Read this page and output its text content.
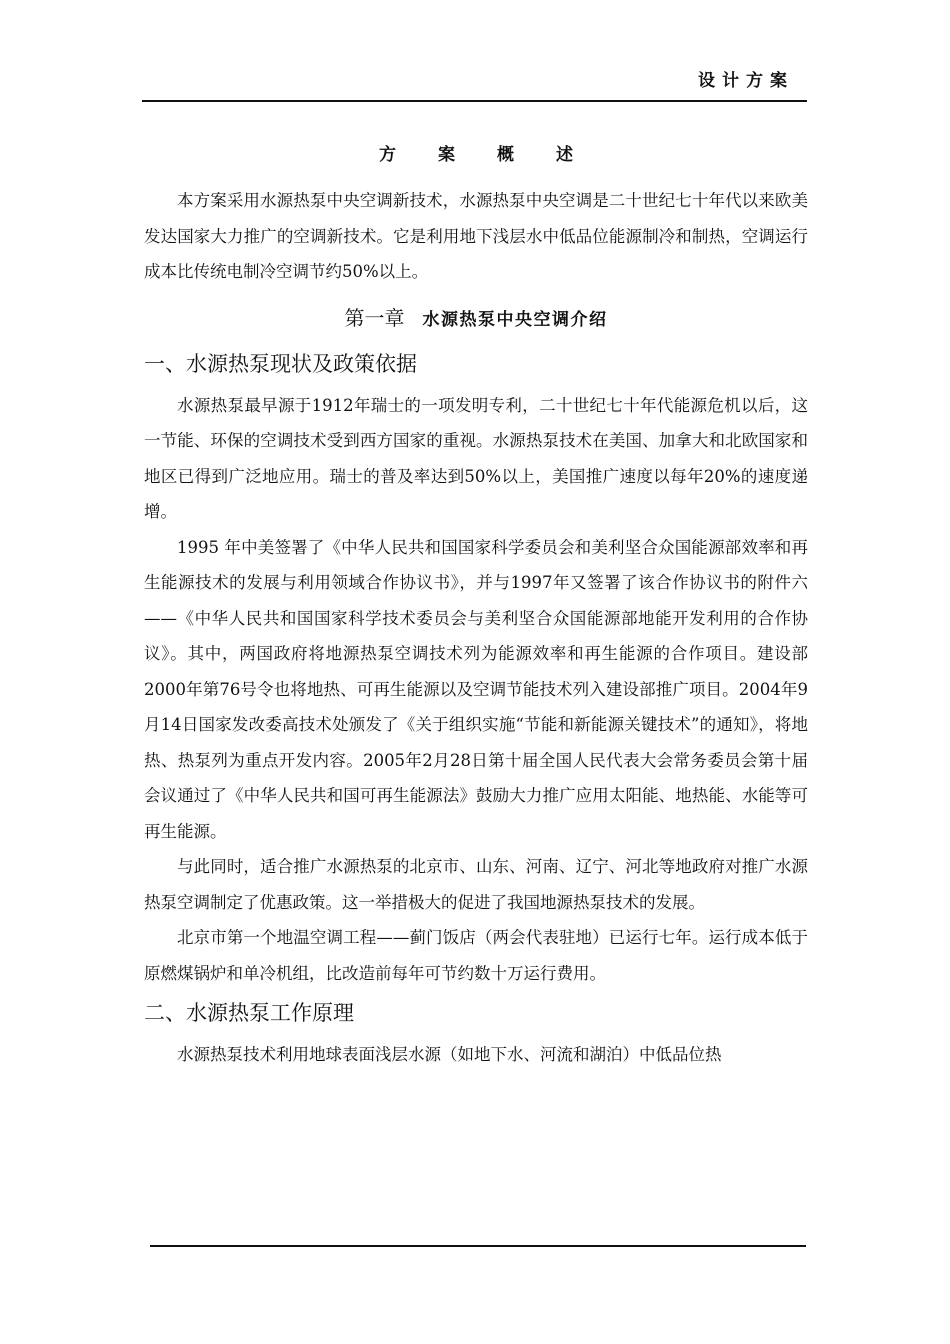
设计方案
方案概述

本方案采用水源热泵中央空调新技术，水源热泵中央空调是二十世纪七十年代以来欧美发达国家大力推广的空调新技术。它是利用地下浅层水中低品位能源制冷和制热，空调运行成本比传统电制冷空调节约50%以上。

第一章 水源热泵中央空调介绍
一、水源热泵现状及政策依据

水源热泵最早源于1912年瑞士的一项发明专利，二十世纪七十年代能源危机以后，这一节能、环保的空调技术受到西方国家的重视。水源热泵技术在美国、加拿大和北欧国家和地区已得到广泛地应用。瑞士的普及率达到50%以上，美国推广速度以每年20%的速度递增。

1995 年中美签署了《中华人民共和国国家科学委员会和美利坚合众国能源部效率和再生能源技术的发展与利用领域合作协议书》，并与1997年又签署了该合作协议书的附件六——《中华人民共和国国家科学技术委员会与美利坚合众国能源部地能开发利用的合作协议》。其中，两国政府将地源热泵空调技术列为能源效率和再生能源的合作项目。建设部2000年第76号令也将地热、可再生能源以及空调节能技术列入建设部推广项目。2004年9月14日国家发改委高技术处颁发了《关于组织实施“节能和新能源关键技术”的通知》，将地热、热泵列为重点开发内容。2005年2月28日第十届全国人民代表大会常务委员会第十届会议通过了《中华人民共和国可再生能源法》鼓励大力推广应用太阳能、地热能、水能等可再生能源。

与此同时，适合推广水源热泵的北京市、山东、河南、辽宁、河北等地政府对推广水源热泵空调制定了优惠政策。这一举措极大的促进了我国地源热泵技术的发展。

北京市第一个地温空调工程——蓟门饭店（两会代表驻地）已运行七年。运行成本低于原燃煤锅炉和单冷机组，比改造前每年可节约数十万运行费用。

二、水源热泵工作原理

水源热泵技术利用地球表面浅层水源（如地下水、河流和湖泊）中低品位热
